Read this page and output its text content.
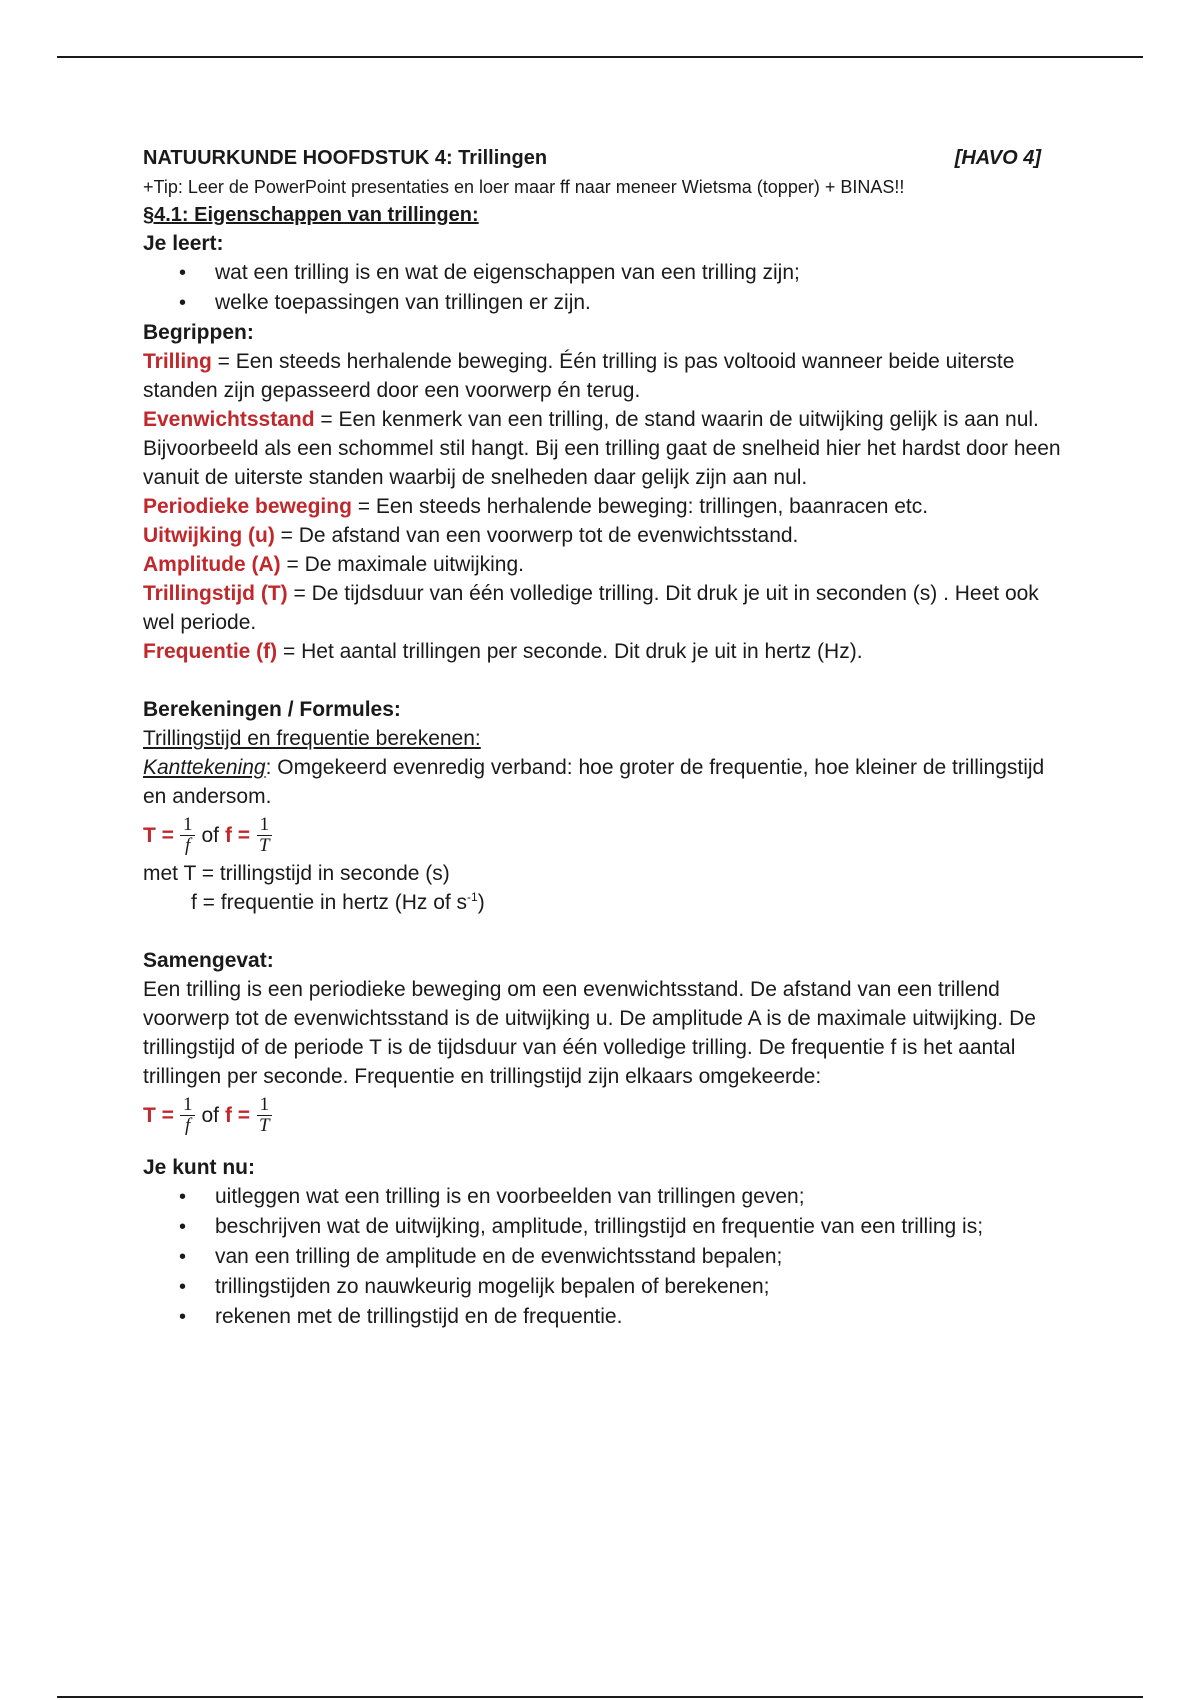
NATUURKUNDE HOOFDSTUK 4: Trillingen	[HAVO 4]
+Tip: Leer de PowerPoint presentaties en loer maar ff naar meneer Wietsma (topper) + BINAS!!
§4.1: Eigenschappen van trillingen:
Je leert:
• wat een trilling is en wat de eigenschappen van een trilling zijn;
• welke toepassingen van trillingen er zijn.
Begrippen:

Trilling = Een steeds herhalende beweging. Één trilling is pas voltooid wanneer beide uiterste standen zijn gepasseerd door een voorwerp én terug.

Evenwichtsstand = Een kenmerk van een trilling, de stand waarin de uitwijking gelijk is aan nul. Bijvoorbeeld als een schommel stil hangt. Bij een trilling gaat de snelheid hier het hardst door heen vanuit de uiterste standen waarbij de snelheden daar gelijk zijn aan nul.

Periodieke beweging = Een steeds herhalende beweging: trillingen, baanracen etc.

Uitwijking (u) = De afstand van een voorwerp tot de evenwichtsstand.

Amplitude (A) = De maximale uitwijking.

Trillingstijd (T) = De tijdsduur van één volledige trilling. Dit druk je uit in seconden (s) . Heet ook wel periode.

Frequentie (f) = Het aantal trillingen per seconde. Dit druk je uit in hertz (Hz).

Berekeningen / Formules:
Trillingstijd en frequentie berekenen:

Kanttekening: Omgekeerd evenredig verband: hoe groter de frequentie, hoe kleiner de trillingstijd en andersom.

$T = \frac{1}{f}$ of $f = \frac{1}{T}$
met T = trillingstijd in seconde (s)
f = frequentie in hertz (Hz of $s^{-1}$)
Samengevat:

Een trilling is een periodieke beweging om een evenwichtsstand. De afstand van een trillend voorwerp tot de evenwichtsstand is de uitwijking u. De amplitude A is de maximale uitwijking. De trillingstijd of de periode T is de tijdsduur van één volledige trilling. De frequentie f is het aantal trillingen per seconde. Frequentie en trillingstijd zijn elkaars omgekeerde:

$T = \frac{1}{f}$ of $f = \frac{1}{T}$
Je kunt nu:
• uitleggen wat een trilling is en voorbeelden van trillingen geven;
• beschrijven wat de uitwijking, amplitude, trillingstijd en frequentie van een trilling is;
• van een trilling de amplitude en de evenwichtsstand bepalen;
• trillingstijden zo nauwkeurig mogelijk bepalen of berekenen;
• rekenen met de trillingstijd en de frequentie.
